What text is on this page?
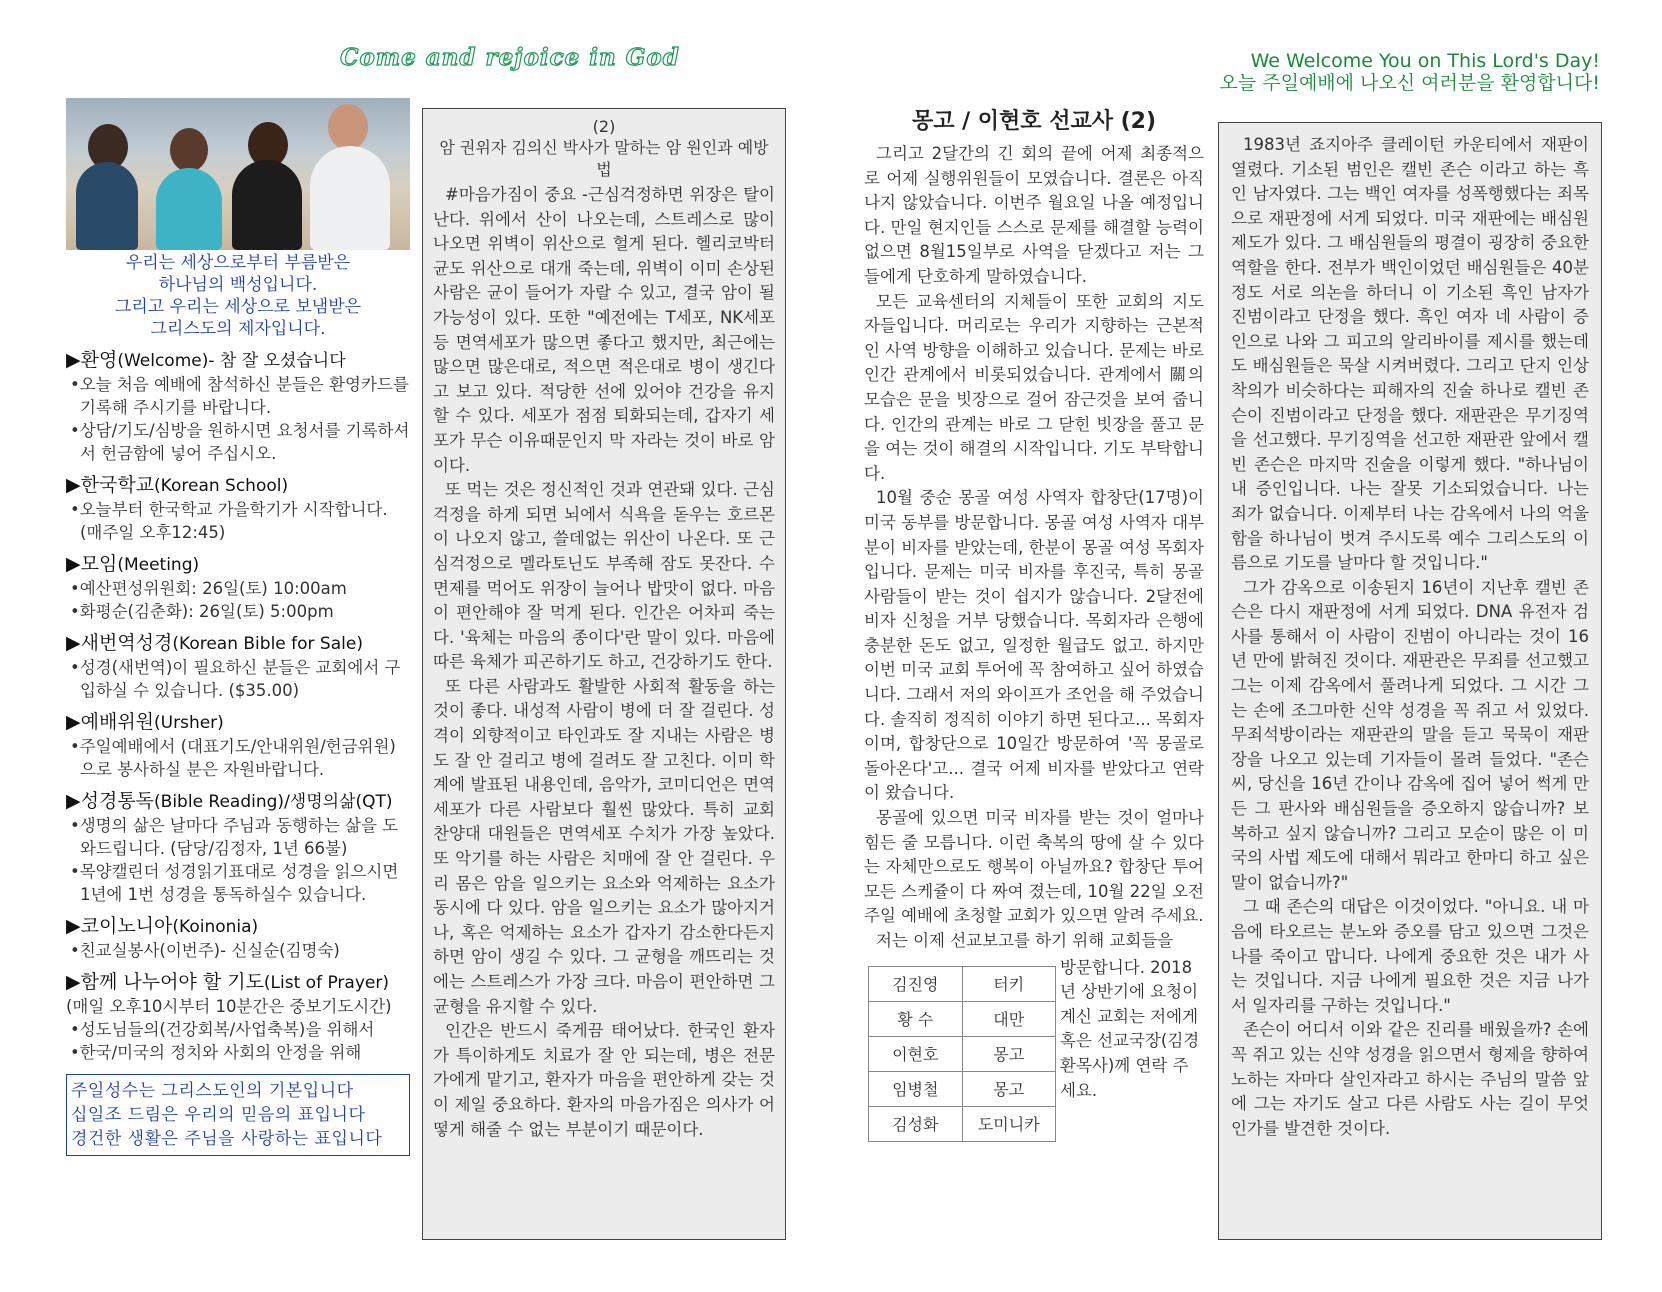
Come and rejoice in God	We Welcome You on This Lord's Day!
오늘 주일예배에 나오신 여러분을 환영합니다!
우리는 세상으로부터 부름받은
하나님의 백성입니다.
그리고 우리는 세상으로 보냄받은
그리스도의 제자입니다.
▶환영(Welcome)- 참 잘 오셨습니다
•오늘 처음 예배에 참석하신 분들은 환영카드를 기록해 주시기를 바랍니다.
•상담/기도/심방을 원하시면 요청서를 기록하셔서 헌금함에 넣어 주십시오.
▶한국학교(Korean School)
•오늘부터 한국학교 가을학기가 시작합니다. (매주일 오후12:45)
▶모임(Meeting)
•예산편성위원회: 26일(토) 10:00am
•화평순(김춘화): 26일(토) 5:00pm
▶새번역성경(Korean Bible for Sale)
•성경(새번역)이 필요하신 분들은 교회에서 구입하실 수 있습니다. ($35.00)
▶예배위원(Ursher)
•주일예배에서 (대표기도/안내위원/헌금위원)으로 봉사하실 분은 자원바랍니다.
▶성경통독(Bible Reading)/생명의삶(QT)
•생명의 삶은 날마다 주님과 동행하는 삶을 도와드립니다. (담당/김정자, 1년 66불)
•목양캘린더 성경읽기표대로 성경을 읽으시면 1년에 1번 성경을 통독하실수 있습니다.
▶코이노니아(Koinonia)
•친교실봉사(이번주)- 신실순(김명숙)
▶함께 나누어야 할 기도(List of Prayer)
(매일 오후10시부터 10분간은 중보기도시간)
•성도님들의(건강회복/사업축복)을 위해서
•한국/미국의 정치와 사회의 안정을 위해
주일성수는 그리스도인의 기본입니다
십일조 드림은 우리의 믿음의 표입니다
경건한 생활은 주님을 사랑하는 표입니다
(2)
암 권위자 김의신 박사가 말하는 암 원인과 예방법

#마음가짐이 중요 -근심걱정하면 위장은 탈이 난다. 위에서 산이 나오는데, 스트레스로 많이 나오면 위벽이 위산으로 헐게 된다. 헬리코박터 균도 위산으로 대개 죽는데, 위벽이 이미 손상된 사람은 균이 들어가 자랄 수 있고, 결국 암이 될 가능성이 있다. 또한 "예전에는 T세포, NK세포 등 면역세포가 많으면 좋다고 했지만, 최근에는 많으면 많은대로, 적으면 적은대로 병이 생긴다고 보고 있다. 적당한 선에 있어야 건강을 유지할 수 있다. 세포가 점점 퇴화되는데, 갑자기 세포가 무슨 이유때문인지 막 자라는 것이 바로 암이다.

또 먹는 것은 정신적인 것과 연관돼 있다. 근심걱정을 하게 되면 뇌에서 식욕을 돋우는 호르몬이 나오지 않고, 쓸데없는 위산이 나온다. 또 근심걱정으로 멜라토닌도 부족해 잠도 못잔다. 수면제를 먹어도 위장이 늘어나 밥맛이 없다. 마음이 편안해야 잘 먹게 된다. 인간은 어차피 죽는다. '육체는 마음의 종이다'란 말이 있다. 마음에 따른 육체가 피곤하기도 하고, 건강하기도 한다.

또 다른 사람과도 활발한 사회적 활동을 하는 것이 좋다. 내성적 사람이 병에 더 잘 걸린다. 성격이 외향적이고 타인과도 잘 지내는 사람은 병도 잘 안 걸리고 병에 걸려도 잘 고친다. 이미 학계에 발표된 내용인데, 음악가, 코미디언은 면역세포가 다른 사람보다 훨씬 많았다. 특히 교회 찬양대 대원들은 면역세포 수치가 가장 높았다. 또 악기를 하는 사람은 치매에 잘 안 걸린다. 우리 몸은 암을 일으키는 요소와 억제하는 요소가 동시에 다 있다. 암을 일으키는 요소가 많아지거나, 혹은 억제하는 요소가 갑자기 감소한다든지 하면 암이 생길 수 있다. 그 균형을 깨뜨리는 것에는 스트레스가 가장 크다. 마음이 편안하면 그 균형을 유지할 수 있다.

인간은 반드시 죽게끔 태어났다. 한국인 환자가 특이하게도 치료가 잘 안 되는데, 병은 전문가에게 맡기고, 환자가 마음을 편안하게 갖는 것이 제일 중요하다. 환자의 마음가짐은 의사가 어떻게 해줄 수 없는 부분이기 때문이다.

몽고 / 이현호 선교사 (2)

그리고 2달간의 긴 회의 끝에 어제 최종적으로 어제 실행위원들이 모였습니다. 결론은 아직 나지 않았습니다. 이번주 월요일 나올 예정입니다. 만일 현지인들 스스로 문제를 해결할 능력이 없으면 8월15일부로 사역을 닫겠다고 저는 그들에게 단호하게 말하였습니다.

모든 교육센터의 지체들이 또한 교회의 지도자들입니다. 머리로는 우리가 지향하는 근본적인 사역 방향을 이해하고 있습니다. 문제는 바로 인간 관계에서 비롯되었습니다. 관계에서 關의 모습은 문을 빗장으로 걸어 잠근것을 보여 줍니다. 인간의 관계는 바로 그 닫힌 빗장을 풀고 문을 여는 것이 해결의 시작입니다. 기도 부탁합니다.

10월 중순 몽골 여성 사역자 합창단(17명)이 미국 동부를 방문합니다. 몽골 여성 사역자 대부분이 비자를 받았는데, 한분이 몽골 여성 목회자입니다. 문제는 미국 비자를 후진국, 특히 몽골 사람들이 받는 것이 쉽지가 않습니다. 2달전에 비자 신청을 거부 당했습니다. 목회자라 은행에 충분한 돈도 없고, 일정한 월급도 없고. 하지만 이번 미국 교회 투어에 꼭 참여하고 싶어 하였습니다. 그래서 저의 와이프가 조언을 해 주었습니다. 솔직히 정직히 이야기 하면 된다고... 목회자이며, 합창단으로 10일간 방문하여 '꼭 몽골로 돌아온다'고... 결국 어제 비자를 받았다고 연락이 왔습니다.

몽골에 있으면 미국 비자를 받는 것이 얼마나 힘든 줄 모릅니다. 이런 축복의 땅에 살 수 있다는 자체만으로도 행복이 아닐까요? 합창단 투어 모든 스케쥴이 다 짜여 졌는데, 10월 22일 오전 주일 예배에 초청할 교회가 있으면 알려 주세요.

저는 이제 선교보고를 하기 위해 교회들을

김진영	터키
황 수	대만
이현호	몽고
임병철	몽고
김성화	도미니카
방문합니다. 2018년 상반기에 요청이 계신 교회는 저에게 혹은 선교국장(김경환목사)께 연락 주세요.

1983년 죠지아주 클레이턴 카운티에서 재판이 열렸다. 기소된 범인은 캘빈 존슨 이라고 하는 흑인 남자였다. 그는 백인 여자를 성폭행했다는 죄목으로 재판정에 서게 되었다. 미국 재판에는 배심원 제도가 있다. 그 배심원들의 평결이 굉장히 중요한 역할을 한다. 전부가 백인이었던 배심원들은 40분정도 서로 의논을 하더니 이 기소된 흑인 남자가 진범이라고 단정을 했다. 흑인 여자 네 사람이 증인으로 나와 그 피고의 알리바이를 제시를 했는데도 배심원들은 묵살 시켜버렸다. 그리고 단지 인상착의가 비슷하다는 피해자의 진술 하나로 캘빈 존슨이 진범이라고 단정을 했다. 재판관은 무기징역을 선고했다. 무기징역을 선고한 재판관 앞에서 캘빈 존슨은 마지막 진술을 이렇게 했다. "하나님이 내 증인입니다. 나는 잘못 기소되었습니다. 나는 죄가 없습니다. 이제부터 나는 감옥에서 나의 억울함을 하나님이 벗겨 주시도록 예수 그리스도의 이름으로 기도를 날마다 할 것입니다."

그가 감옥으로 이송된지 16년이 지난후 캘빈 존슨은 다시 재판정에 서게 되었다. DNA 유전자 검사를 통해서 이 사람이 진범이 아니라는 것이 16년 만에 밝혀진 것이다. 재판관은 무죄를 선고했고 그는 이제 감옥에서 풀려나게 되었다. 그 시간 그는 손에 조그마한 신약 성경을 꼭 쥐고 서 있었다. 무죄석방이라는 재판관의 말을 듣고 묵묵이 재판장을 나오고 있는데 기자들이 몰려 들었다. "존슨 씨, 당신을 16년 간이나 감옥에 집어 넣어 썩게 만든 그 판사와 배심원들을 증오하지 않습니까? 보복하고 싶지 않습니까? 그리고 모순이 많은 이 미국의 사법 제도에 대해서 뭐라고 한마디 하고 싶은 말이 없습니까?"

그 때 존슨의 대답은 이것이었다. "아니요. 내 마음에 타오르는 분노와 증오를 담고 있으면 그것은 나를 죽이고 맙니다. 나에게 중요한 것은 내가 사는 것입니다. 지금 나에게 필요한 것은 지금 나가서 일자리를 구하는 것입니다."

존슨이 어디서 이와 같은 진리를 배웠을까? 손에 꼭 쥐고 있는 신약 성경을 읽으면서 형제을 향하여 노하는 자마다 살인자라고 하시는 주님의 말씀 앞에 그는 자기도 살고 다른 사람도 사는 길이 무엇인가를 발견한 것이다.
